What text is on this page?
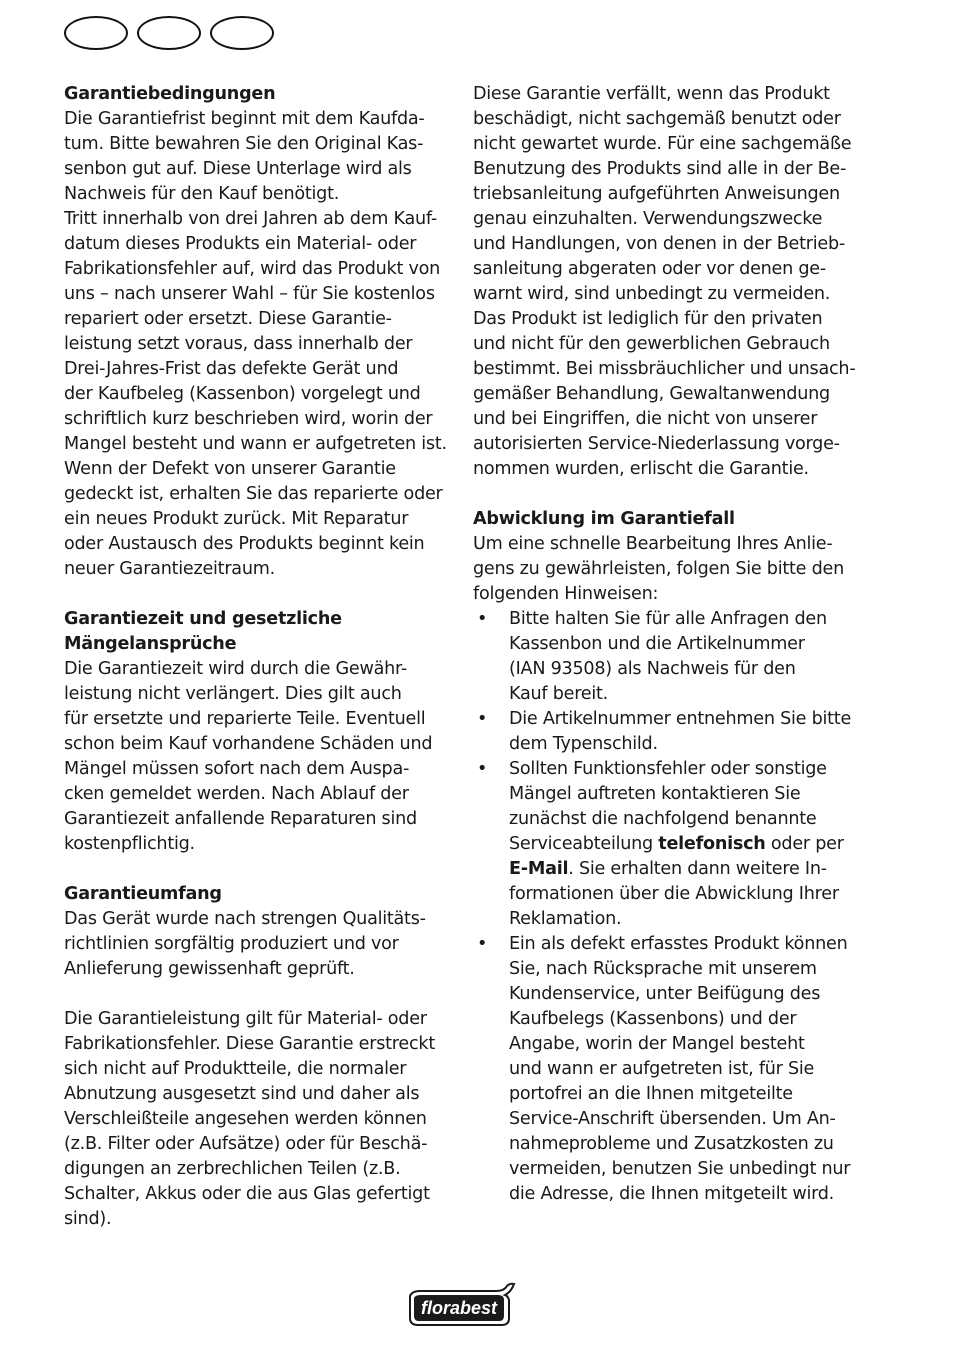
Garantiebedingungen

Die Garantiefrist beginnt mit dem Kaufda-
tum. Bitte bewahren Sie den Original Kas-
senbon gut auf. Diese Unterlage wird als
Nachweis für den Kauf benötigt.
Tritt innerhalb von drei Jahren ab dem Kauf-
datum dieses Produkts ein Material- oder
Fabrikationsfehler auf, wird das Produkt von
uns – nach unserer Wahl – für Sie kostenlos
repariert oder ersetzt. Diese Garantie-
leistung setzt voraus, dass innerhalb der
Drei-Jahres-Frist das defekte Gerät und
der Kaufbeleg (Kassenbon) vorgelegt und
schriftlich kurz beschrieben wird, worin der
Mangel besteht und wann er aufgetreten ist.
Wenn der Defekt von unserer Garantie
gedeckt ist, erhalten Sie das reparierte oder
ein neues Produkt zurück. Mit Reparatur
oder Austausch des Produkts beginnt kein
neuer Garantiezeitraum.

Garantiezeit und gesetzliche

Mängelansprüche

Die Garantiezeit wird durch die Gewähr-
leistung nicht verlängert. Dies gilt auch
für ersetzte und reparierte Teile. Eventuell
schon beim Kauf vorhandene Schäden und
Mängel müssen sofort nach dem Auspa-
cken gemeldet werden. Nach Ablauf der
Garantiezeit anfallende Reparaturen sind
kostenpflichtig.

Garantieumfang

Das Gerät wurde nach strengen Qualitäts-
richtlinien sorgfältig produziert und vor
Anlieferung gewissenhaft geprüft.
Die Garantieleistung gilt für Material- oder
Fabrikationsfehler. Diese Garantie erstreckt
sich nicht auf Produktteile, die normaler
Abnutzung ausgesetzt sind und daher als
Verschleißteile angesehen werden können
(z.B. Filter oder Aufsätze) oder für Beschä-
digungen an zerbrechlichen Teilen (z.B.
Schalter, Akkus oder die aus Glas gefertigt
sind).
Diese Garantie verfällt, wenn das Produkt
beschädigt, nicht sachgemäß benutzt oder
nicht gewartet wurde. Für eine sachgemäße
Benutzung des Produkts sind alle in der Be-
triebsanleitung aufgeführten Anweisungen
genau einzuhalten. Verwendungszwecke
und Handlungen, von denen in der Betrieb-
sanleitung abgeraten oder vor denen ge-
warnt wird, sind unbedingt zu vermeiden.
Das Produkt ist lediglich für den privaten
und nicht für den gewerblichen Gebrauch
bestimmt. Bei missbräuchlicher und unsach-
gemäßer Behandlung, Gewaltanwendung
und bei Eingriffen, die nicht von unserer
autorisierten Service-Niederlassung vorge-
nommen wurden, erlischt die Garantie.

Abwicklung im Garantiefall

Um eine schnelle Bearbeitung Ihres Anlie-
gens zu gewährleisten, folgen Sie bitte den
folgenden Hinweisen:
• Bitte halten Sie für alle Anfragen den
Kassenbon und die Artikelnummer
(IAN 93508) als Nachweis für den
Kauf bereit.
• Die Artikelnummer entnehmen Sie bitte
dem Typenschild.
• Sollten Funktionsfehler oder sonstige
Mängel auftreten kontaktieren Sie
zunächst die nachfolgend benannte
Serviceabteilung telefonisch oder per
E-Mail. Sie erhalten dann weitere In-
formationen über die Abwicklung Ihrer
Reklamation.
• Ein als defekt erfasstes Produkt können
Sie, nach Rücksprache mit unserem
Kundenservice, unter Beifügung des
Kaufbelegs (Kassenbons) und der
Angabe, worin der Mangel besteht
und wann er aufgetreten ist, für Sie
portofrei an die Ihnen mitgeteilte
Service-Anschrift übersenden. Um An-
nahmeprobleme und Zusatzkosten zu
vermeiden, benutzen Sie unbedingt nur
die Adresse, die Ihnen mitgeteilt wird.
florabest
